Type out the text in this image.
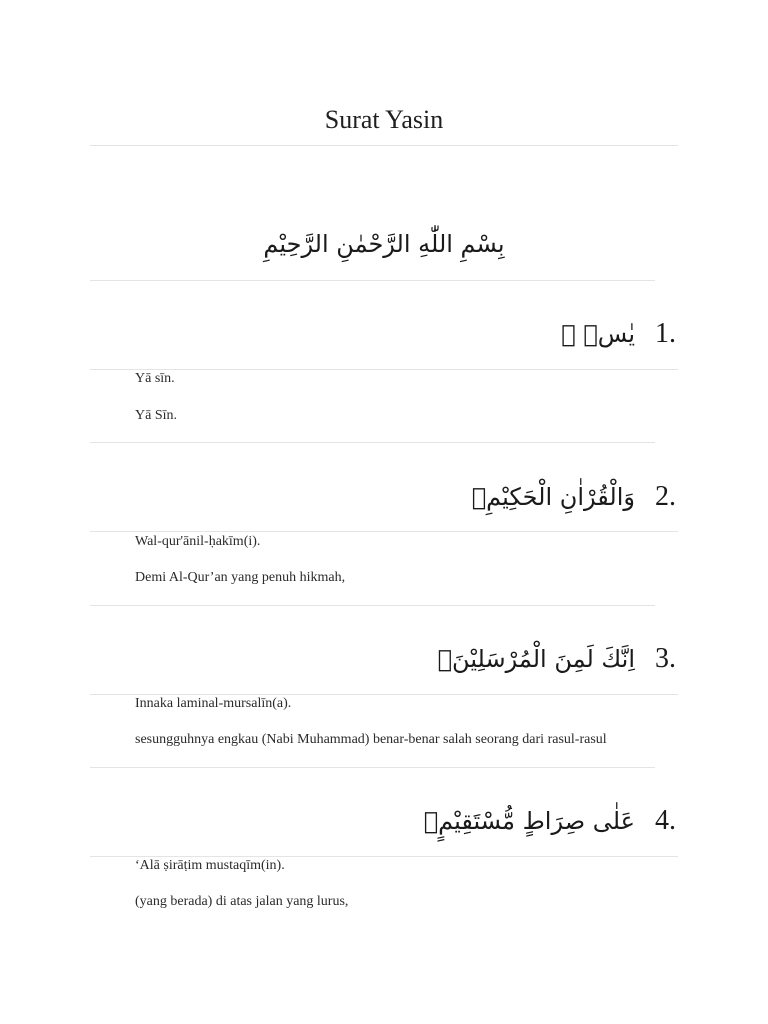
Surat Yasin
بِسْمِ اللّٰهِ الرَّحْمٰنِ الرَّحِيْمِ
يٰسۤ ۚ 1.
Yā sīn.
Yā Sīn.
وَالْقُرْاٰنِ الْحَكِيْمِۙ 2.
Wal-qur'ānil-ḥakīm(i).
Demi Al-Qur’an yang penuh hikmah,
اِنَّكَ لَمِنَ الْمُرْسَلِيْنَۙ 3.
Innaka laminal-mursalīn(a).
sesungguhnya engkau (Nabi Muhammad) benar-benar salah seorang dari rasul-rasul
عَلٰى صِرَاطٍ مُّسْتَقِيْمٍۗ 4.
‘Alā ṣirāṭim mustaqīm(in).
(yang berada) di atas jalan yang lurus,
